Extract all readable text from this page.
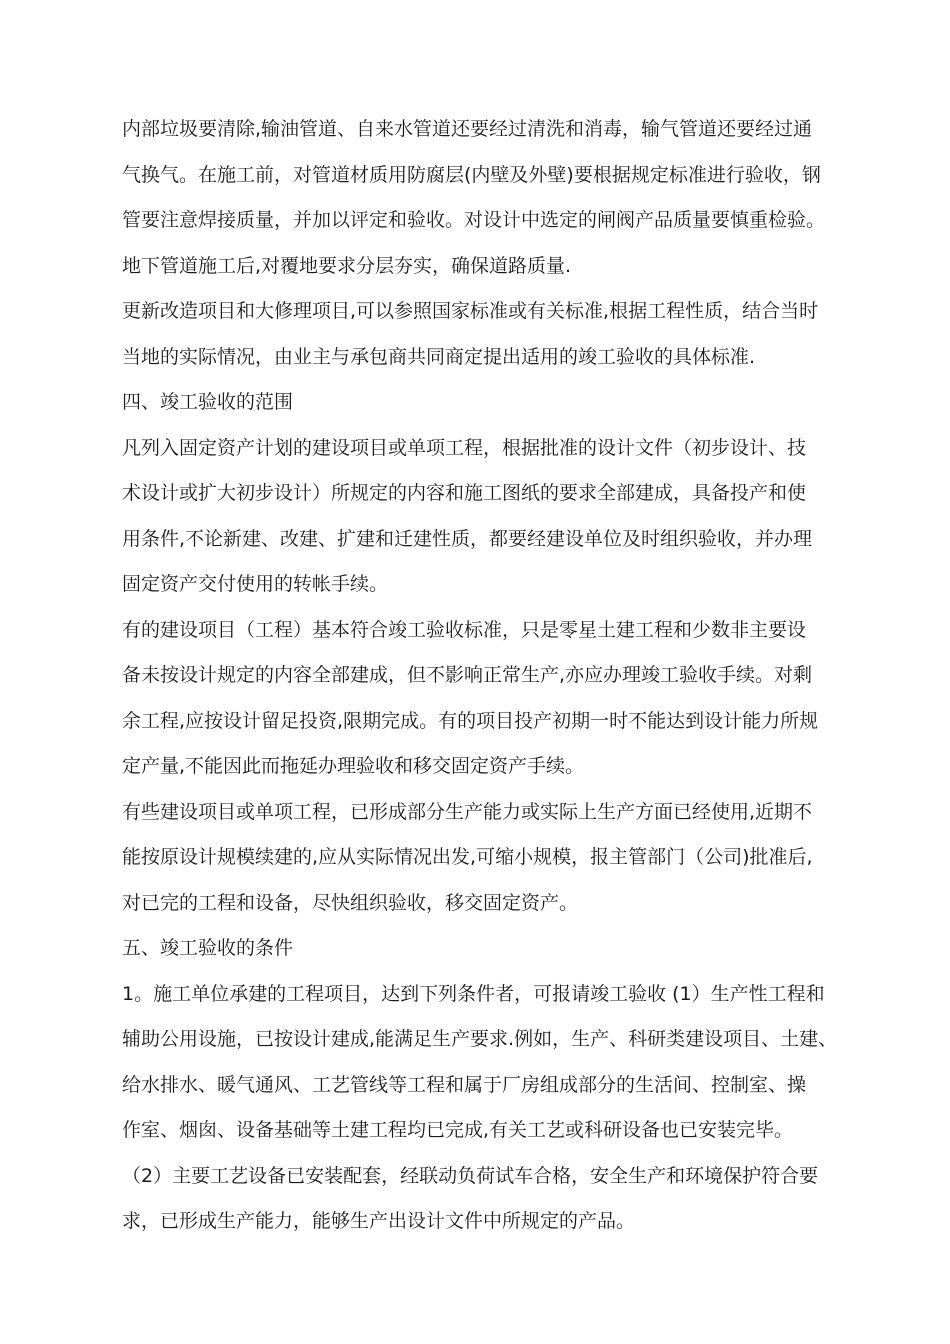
内部垃圾要清除,输油管道、自来水管道还要经过清洗和消毒，输气管道还要经过通
气换气。在施工前，对管道材质用防腐层(内壁及外壁)要根据规定标准进行验收，钢
管要注意焊接质量，并加以评定和验收。对设计中选定的闸阀产品质量要慎重检验。
地下管道施工后,对覆地要求分层夯实，确保道路质量.
更新改造项目和大修理项目,可以参照国家标准或有关标准,根据工程性质，结合当时
当地的实际情况，由业主与承包商共同商定提出适用的竣工验收的具体标准.
四、竣工验收的范围
凡列入固定资产计划的建设项目或单项工程，根据批准的设计文件（初步设计、技
术设计或扩大初步设计）所规定的内容和施工图纸的要求全部建成，具备投产和使
用条件,不论新建、改建、扩建和迁建性质，都要经建设单位及时组织验收，并办理
固定资产交付使用的转帐手续。
有的建设项目（工程）基本符合竣工验收标准，只是零星土建工程和少数非主要设
备未按设计规定的内容全部建成，但不影响正常生产,亦应办理竣工验收手续。对剩
余工程,应按设计留足投资,限期完成。有的项目投产初期一时不能达到设计能力所规
定产量,不能因此而拖延办理验收和移交固定资产手续。
有些建设项目或单项工程，已形成部分生产能力或实际上生产方面已经使用,近期不
能按原设计规模续建的,应从实际情况出发,可缩小规模，报主管部门（公司)批准后,
对已完的工程和设备，尽快组织验收，移交固定资产。
五、竣工验收的条件
1。施工单位承建的工程项目，达到下列条件者，可报请竣工验收 (1）生产性工程和
辅助公用设施，已按设计建成,能满足生产要求.例如，生产、科研类建设项目、土建、
给水排水、暖气通风、工艺管线等工程和属于厂房组成部分的生活间、控制室、操
作室、烟囱、设备基础等土建工程均已完成,有关工艺或科研设备也已安装完毕。
（2）主要工艺设备已安装配套，经联动负荷试车合格，安全生产和环境保护符合要
求，已形成生产能力，能够生产出设计文件中所规定的产品。
